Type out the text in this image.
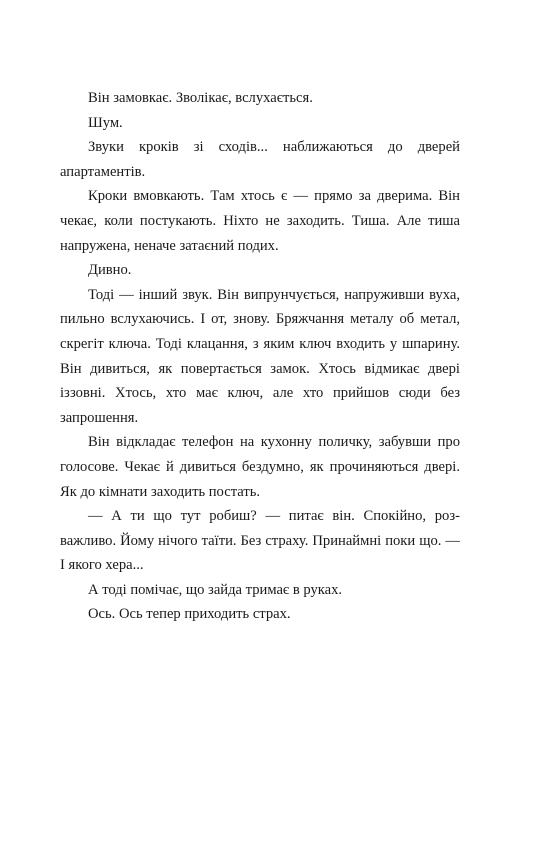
Він замовкає. Зволікає, вслухається.

Шум.

Звуки кроків зі сходів... наближаються до дверей апартаментів.

Кроки вмовкають. Там хтось є — прямо за дверима. Він чекає, коли постукають. Ніхто не заходить. Тиша. Але тиша напружена, неначе затаєний подих.

Дивно.

Тоді — інший звук. Він випрунчується, напруживши вуха, пильно вслухаючись. І от, знову. Бряжчання металу об метал, скрегіт ключа. Тоді клацання, з яким ключ входить у шпарину. Він дивиться, як повертається замок. Хтось відмикає двері іззовні. Хтось, хто має ключ, але хто прийшов сюди без запрошення.

Він відкладає телефон на кухонну поличку, забувши про голосове. Чекає й дивиться бездумно, як прочиняються двері. Як до кімнати заходить постать.

— А ти що тут робиш? — питає він. Спокійно, розважливо. Йому нічого таїти. Без страху. Принаймні поки що. — І якого хера...

А тоді помічає, що зайда тримає в руках.

Ось. Ось тепер приходить страх.
